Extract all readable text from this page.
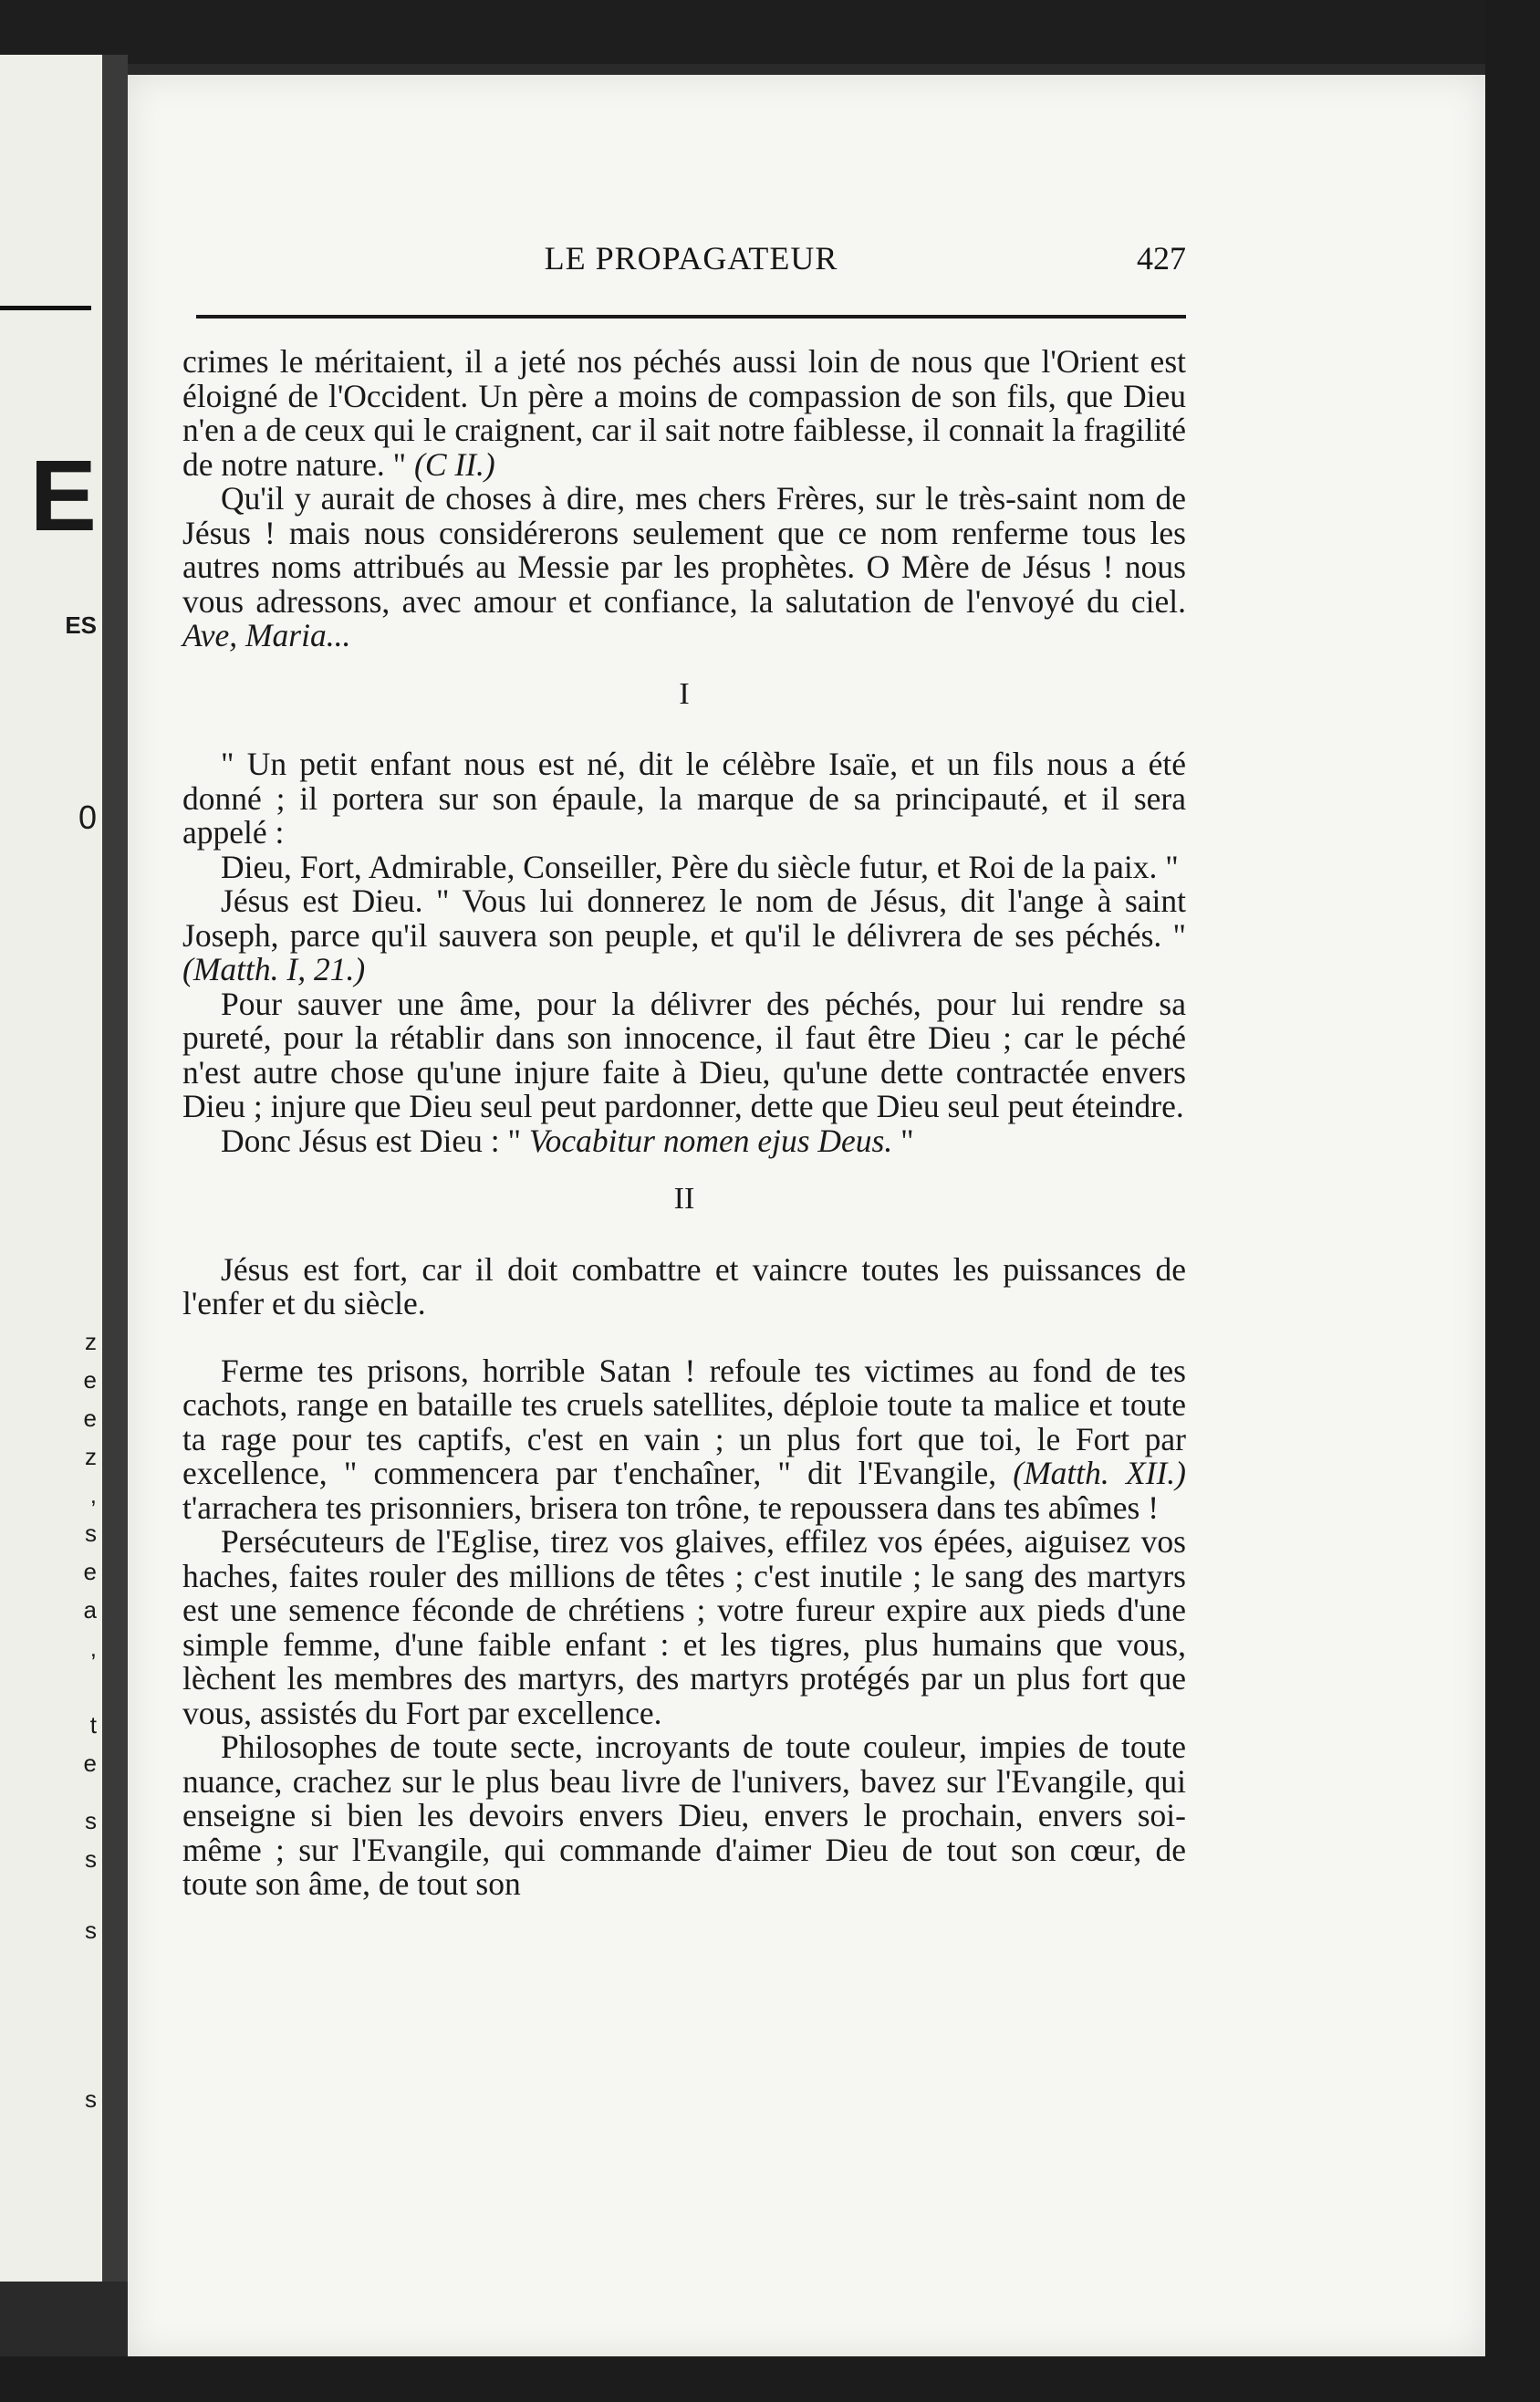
E
ES
0
z
e
e
z
,
s
e
a
,
t
e
s
s
s
s
LE PROPAGATEUR	427

crimes le méritaient, il a jeté nos péchés aussi loin de nous que l'Orient est éloigné de l'Occident. Un père a moins de compassion de son fils, que Dieu n'en a de ceux qui le craignent, car il sait notre faiblesse, il connait la fragilité de notre nature. " (C II.)

Qu'il y aurait de choses à dire, mes chers Frères, sur le très-saint nom de Jésus ! mais nous considérerons seulement que ce nom renferme tous les autres noms attribués au Messie par les prophètes. O Mère de Jésus ! nous vous adressons, avec amour et confiance, la salutation de l'envoyé du ciel. Ave, Maria...

I

" Un petit enfant nous est né, dit le célèbre Isaïe, et un fils nous a été donné ; il portera sur son épaule, la marque de sa principauté, et il sera appelé :

Dieu, Fort, Admirable, Conseiller, Père du siècle futur, et Roi de la paix. "

Jésus est Dieu. " Vous lui donnerez le nom de Jésus, dit l'ange à saint Joseph, parce qu'il sauvera son peuple, et qu'il le délivrera de ses péchés. " (Matth. I, 21.)

Pour sauver une âme, pour la délivrer des péchés, pour lui rendre sa pureté, pour la rétablir dans son innocence, il faut être Dieu ; car le péché n'est autre chose qu'une injure faite à Dieu, qu'une dette contractée envers Dieu ; injure que Dieu seul peut pardonner, dette que Dieu seul peut éteindre.

Donc Jésus est Dieu : " Vocabitur nomen ejus Deus. "

II

Jésus est fort, car il doit combattre et vaincre toutes les puissances de l'enfer et du siècle.

Ferme tes prisons, horrible Satan ! refoule tes victimes au fond de tes cachots, range en bataille tes cruels satellites, déploie toute ta malice et toute ta rage pour tes captifs, c'est en vain ; un plus fort que toi, le Fort par excellence, " commencera par t'enchaîner, " dit l'Evangile, (Matth. XII.) t'arrachera tes prisonniers, brisera ton trône, te repoussera dans tes abîmes !

Persécuteurs de l'Eglise, tirez vos glaives, effilez vos épées, aiguisez vos haches, faites rouler des millions de têtes ; c'est inutile ; le sang des martyrs est une semence féconde de chrétiens ; votre fureur expire aux pieds d'une simple femme, d'une faible enfant : et les tigres, plus humains que vous, lèchent les membres des martyrs, des martyrs protégés par un plus fort que vous, assistés du Fort par excellence.

Philosophes de toute secte, incroyants de toute couleur, impies de toute nuance, crachez sur le plus beau livre de l'univers, bavez sur l'Evangile, qui enseigne si bien les devoirs envers Dieu, envers le prochain, envers soi-même ; sur l'Evangile, qui commande d'aimer Dieu de tout son cœur, de toute son âme, de tout son
